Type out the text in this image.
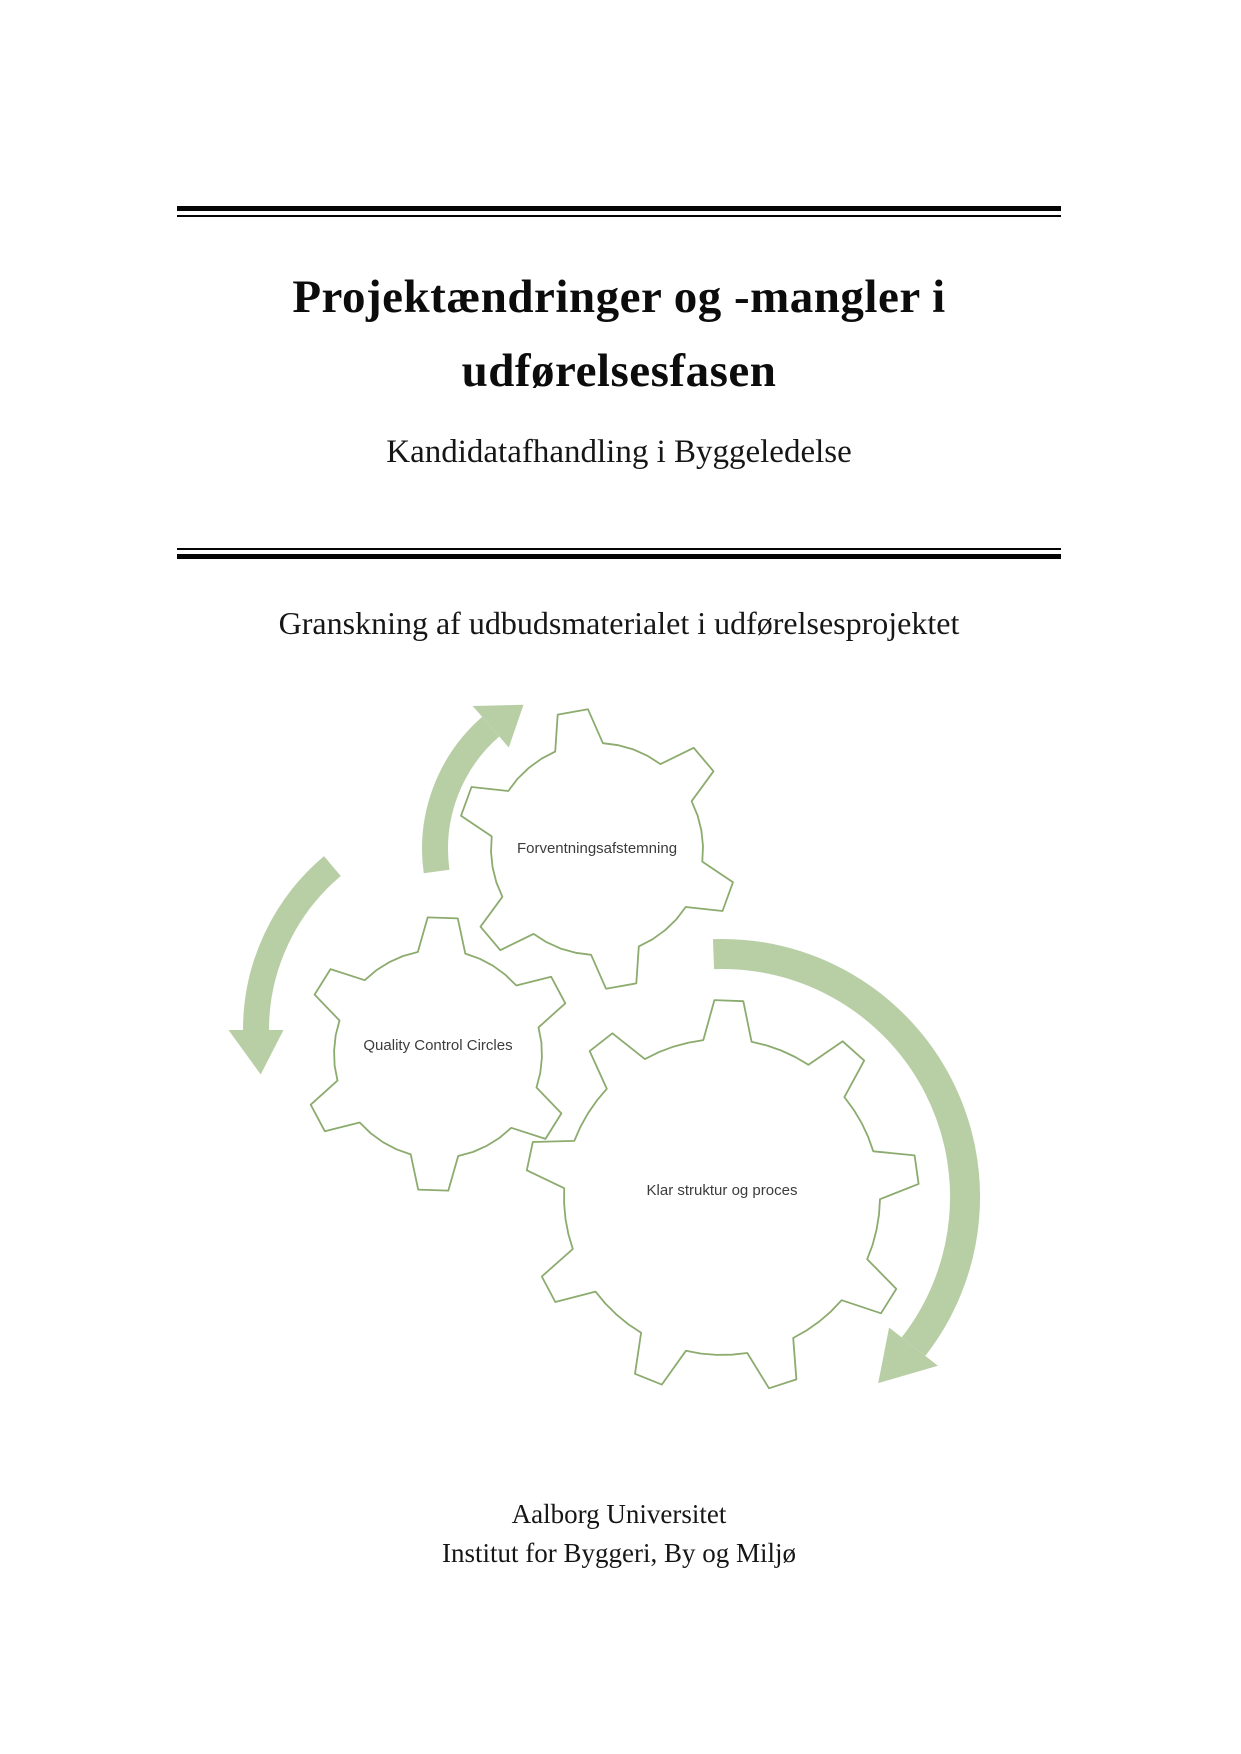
Projektændringer og -mangler i
udførelsesfasen
Kandidatafhandling i Byggeledelse
Granskning af udbudsmaterialet i udførelsesprojektet
Forventningsafstemning
Quality Control Circles
Klar struktur og proces
Aalborg Universitet
Institut for Byggeri, By og Miljø
